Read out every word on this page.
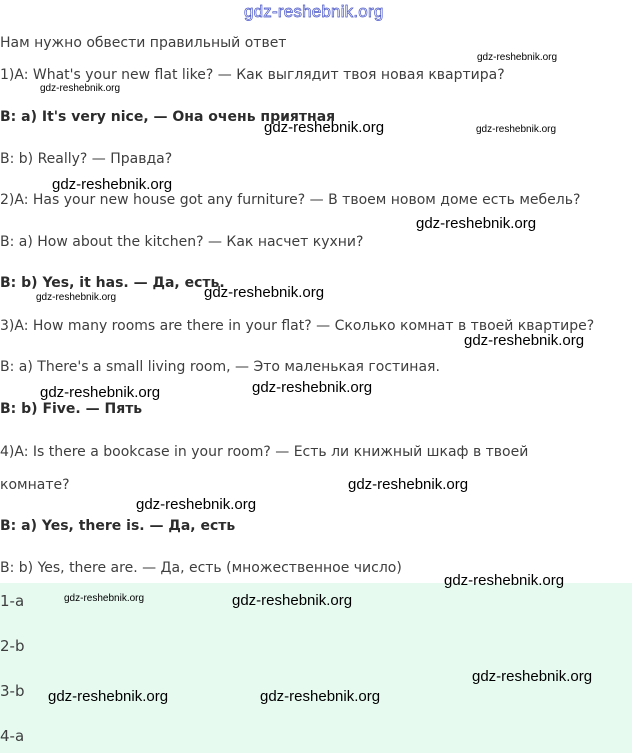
gdz-reshebnik.org

Нам нужно обвести правильный ответ

1)A: What's your new flat like? — Как выглядит твоя новая квартира?

B: a) It's very nice, — Она очень приятная

B: b) Really? — Правда?

2)A: Has your new house got any furniture? — В твоем новом доме есть мебель?

B: a) How about the kitchen? — Как насчет кухни?

B: b) Yes, it has. — Да, есть.

3)A: How many rooms are there in your flat? — Сколько комнат в твоей квартире?

B: a) There's a small living room, — Это маленькая гостиная.

B: b) Five. — Пять

4)A: Is there a bookcase in your room? — Есть ли книжный шкаф в твоей

комнате?

B: a) Yes, there is. — Да, есть

B: b) Yes, there are. — Да, есть (множественное число)

1-a

2-b

3-b

4-a

gdz-reshebnik.org
gdz-reshebnik.org
gdz-reshebnik.org	gdz-reshebnik.org
gdz-reshebnik.org
gdz-reshebnik.org
gdz-reshebnik.org
gdz-reshebnik.org
gdz-reshebnik.org
gdz-reshebnik.org	gdz-reshebnik.org
gdz-reshebnik.org
gdz-reshebnik.org
gdz-reshebnik.org
gdz-reshebnik.org	gdz-reshebnik.org
gdz-reshebnik.org
gdz-reshebnik.org	gdz-reshebnik.org
